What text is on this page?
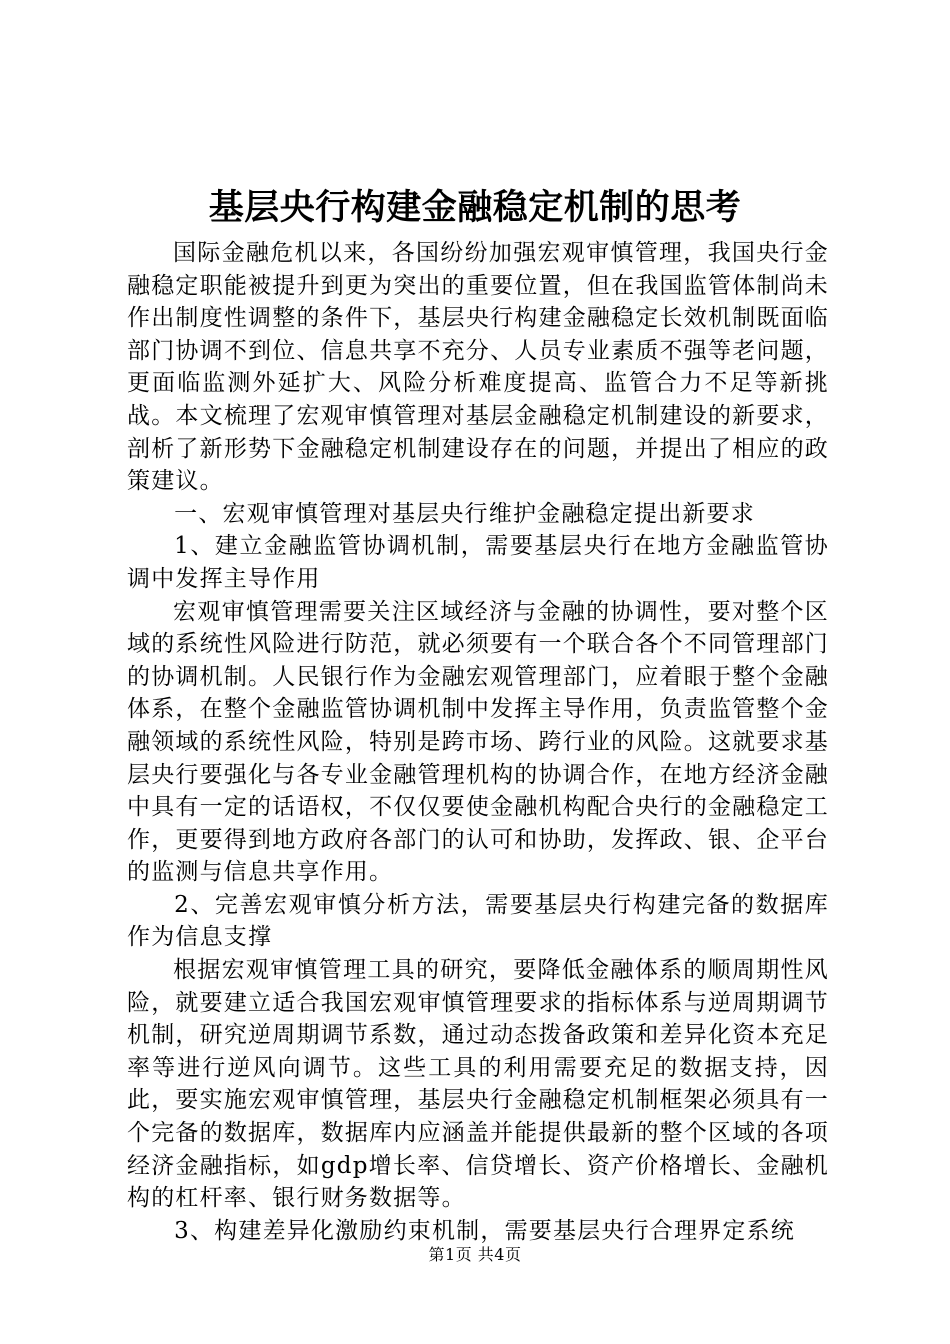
基层央行构建金融稳定机制的思考

国际金融危机以来，各国纷纷加强宏观审慎管理，我国央行金融稳定职能被提升到更为突出的重要位置，但在我国监管体制尚未作出制度性调整的条件下，基层央行构建金融稳定长效机制既面临部门协调不到位、信息共享不充分、人员专业素质不强等老问题，更面临监测外延扩大、风险分析难度提高、监管合力不足等新挑战。本文梳理了宏观审慎管理对基层金融稳定机制建设的新要求，剖析了新形势下金融稳定机制建设存在的问题，并提出了相应的政策建议。

一、宏观审慎管理对基层央行维护金融稳定提出新要求

1、建立金融监管协调机制，需要基层央行在地方金融监管协调中发挥主导作用

宏观审慎管理需要关注区域经济与金融的协调性，要对整个区域的系统性风险进行防范，就必须要有一个联合各个不同管理部门的协调机制。人民银行作为金融宏观管理部门，应着眼于整个金融体系，在整个金融监管协调机制中发挥主导作用，负责监管整个金融领域的系统性风险，特别是跨市场、跨行业的风险。这就要求基层央行要强化与各专业金融管理机构的协调合作，在地方经济金融中具有一定的话语权，不仅仅要使金融机构配合央行的金融稳定工作，更要得到地方政府各部门的认可和协助，发挥政、银、企平台的监测与信息共享作用。

2、完善宏观审慎分析方法，需要基层央行构建完备的数据库作为信息支撑

根据宏观审慎管理工具的研究，要降低金融体系的顺周期性风险，就要建立适合我国宏观审慎管理要求的指标体系与逆周期调节机制，研究逆周期调节系数，通过动态拨备政策和差异化资本充足率等进行逆风向调节。这些工具的利用需要充足的数据支持，因此，要实施宏观审慎管理，基层央行金融稳定机制框架必须具有一个完备的数据库，数据库内应涵盖并能提供最新的整个区域的各项经济金融指标，如gdp增长率、信贷增长、资产价格增长、金融机构的杠杆率、银行财务数据等。

3、构建差异化激励约束机制，需要基层央行合理界定系统

第1页 共4页
